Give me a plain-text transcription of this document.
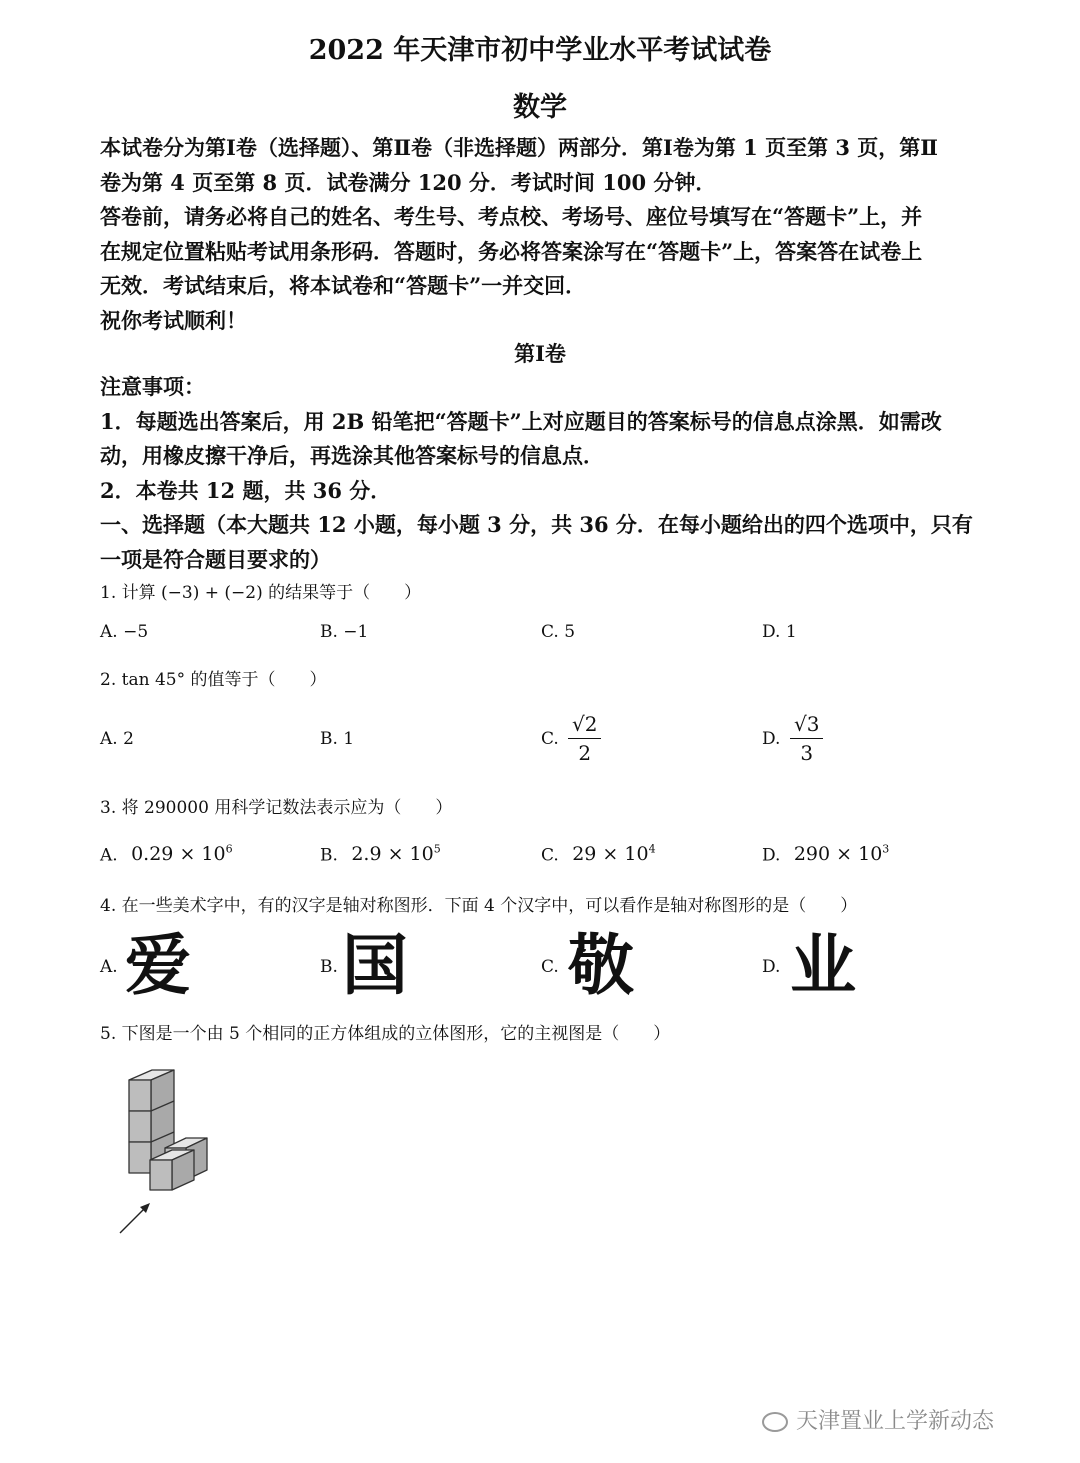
2022 年天津市初中学业水平考试试卷
数学

本试卷分为第Ⅰ卷（选择题）、第Ⅱ卷（非选择题）两部分．第Ⅰ卷为第 1 页至第 3 页，第Ⅱ

卷为第 4 页至第 8 页．试卷满分 120 分．考试时间 100 分钟．

答卷前，请务必将自己的姓名、考生号、考点校、考场号、座位号填写在“答题卡”上，并

在规定位置粘贴考试用条形码．答题时，务必将答案涂写在“答题卡”上，答案答在试卷上

无效．考试结束后，将本试卷和“答题卡”一并交回．

祝你考试顺利！

第Ⅰ卷

注意事项：

1．每题选出答案后，用 2B 铅笔把“答题卡”上对应题目的答案标号的信息点涂黑．如需改

动，用橡皮擦干净后，再选涂其他答案标号的信息点．

2．本卷共 12 题，共 36 分．

一、选择题（本大题共 12 小题，每小题 3 分，共 36 分．在每小题给出的四个选项中，只有

一项是符合题目要求的）

1. 计算 (−3) + (−2) 的结果等于（　　）
A. −5	B. −1	C. 5	D. 1
2. tan 45° 的值等于（　　）
A. 2	B. 1	C. $\frac{√2}{2}$	D. $\frac{√3}{3}$
3. 将 290000 用科学记数法表示应为（　　）
A. $0.29 \times 10^6$	B. $2.9 \times 10^5$	C. $29 \times 10^4$	D. $290 \times 10^3$
4. 在一些美术字中，有的汉字是轴对称图形．下面 4 个汉字中，可以看作是轴对称图形的是（　　）
A. 爱	B. 国	C. 敬	D. 业
5. 下图是一个由 5 个相同的正方体组成的立体图形，它的主视图是（　　）
天津置业上学新动态
